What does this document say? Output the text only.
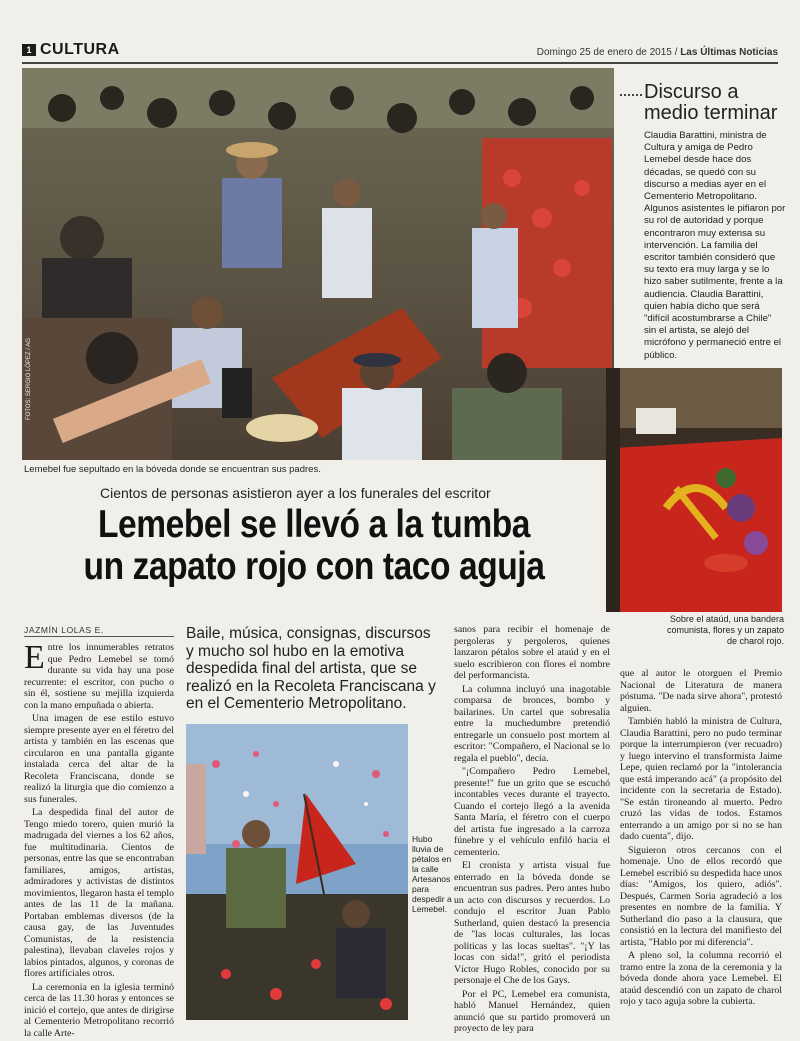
1 CULTURA	Domingo 25 de enero de 2015 / Las Últimas Noticias
FOTOS: SERGIO LÓPEZ / AG
Lemebel fue sepultado en la bóveda donde se encuentran sus padres.
Discurso a medio terminar
Claudia Barattini, ministra de Cultura y amiga de Pedro Lemebel desde hace dos décadas, se quedó con su discurso a medias ayer en el Cementerio Metropolitano. Algunos asistentes le pifiaron por su rol de autoridad y porque encontraron muy extensa su intervención. La familia del escritor también consideró que su texto era muy larga y se lo hizo saber sutilmente, frente a la audiencia. Claudia Barattini, quien había dicho que será "difícil acostumbrarse a Chile" sin el artista, se alejó del micrófono y permaneció entre el público.
Sobre el ataúd, una bandera comunista, flores y un zapato de charol rojo.
Cientos de personas asistieron ayer a los funerales del escritor
Lemebel se llevó a la tumba
un zapato rojo con taco aguja
JAZMÍN LOLAS E.

Entre los innumerables retratos que Pedro Lemebel se tomó durante su vida hay una pose recurrente: el escritor, con pucho o sin él, sostiene su mejilla izquierda con la mano empuñada o abierta.

Una imagen de ese estilo estuvo siempre presente ayer en el féretro del artista y también en las escenas que circularon en una pantalla gigante instalada cerca del altar de la Recoleta Franciscana, donde se realizó la liturgia que dio comienzo a sus funerales.

La despedida final del autor de Tengo miedo torero, quien murió la madrugada del viernes a los 62 años, fue multitudinaria. Cientos de personas, entre las que se encontraban familiares, amigos, artistas, admiradores y activistas de distintos movimientos, llegaron hasta el templo antes de las 11 de la mañana. Portaban emblemas diversos (de la causa gay, de las Juventudes Comunistas, de la resistencia palestina), llevaban claveles rojos y labios pintados, algunos, y coronas de flores artificiales otros.

La ceremonia en la iglesia terminó cerca de las 11.30 horas y entonces se inició el cortejo, que antes de dirigirse al Cementerio Metropolitano recorrió la calle Arte-

Baile, música, consignas, discursos y mucho sol hubo en la emotiva despedida final del artista, que se realizó en la Recoleta Franciscana y en el Cementerio Metropolitano.
Hubo lluvia de pétalos en la calle Artesanos para despedir a Lemebel.

sanos para recibir el homenaje de pergoleras y pergoleros, quienes lanzaron pétalos sobre el ataúd y en el suelo escribieron con flores el nombre del performancista.

La columna incluyó una inagotable comparsa de bronces, bombo y bailarines. Un cartel que sobresalía entre la muchedumbre pretendió entregarle un consuelo post mortem al escritor: "Compañero, el Nacional se lo regala el pueblo", decía.

"¡Compañero Pedro Lemebel, presente!" fue un grito que se escuchó incontables veces durante el trayecto. Cuando el cortejo llegó a la avenida Santa María, el féretro con el cuerpo del artista fue ingresado a la carroza fúnebre y el vehículo enfiló hacia el cementerio.

El cronista y artista visual fue enterrado en la bóveda donde se encuentran sus padres. Pero antes hubo un acto con discursos y recuerdos. Lo condujo el escritor Juan Pablo Sutherland, quien destacó la presencia de "las locas culturales, las locas políticas y las locas sueltas". "¡Y las locas con sida!", gritó el periodista Víctor Hugo Robles, conocido por su personaje el Che de los Gays.

Por el PC, Lemebel era comunista, habló Manuel Hernández, quien anunció que su partido promoverá un proyecto de ley para

que al autor le otorguen el Premio Nacional de Literatura de manera póstuma. "De nada sirve ahora", protestó alguien.

También habló la ministra de Cultura, Claudia Barattini, pero no pudo terminar porque la interrumpieron (ver recuadro) y luego intervino el transformista Jaime Lepe, quien reclamó por la "intolerancia que está imperando acá" (a propósito del incidente con la secretaria de Estado). "Se están tironeando al muerto. Pedro cruzó las vidas de todos. Estamos enterrando a un amigo por si no se han dado cuenta", dijo.

Siguieron otros cercanos con el homenaje. Uno de ellos recordó que Lemebel escribió su despedida hace unos días: "Amigos, los quiero, adiós". Después, Carmen Soria agradeció a los presentes en nombre de la familia. Y Sutherland dio paso a la clausura, que consistió en la lectura del manifiesto del artista, "Hablo por mi diferencia".

A pleno sol, la columna recorrió el tramo entre la zona de la ceremonia y la bóveda donde ahora yace Lemebel. El ataúd descendió con un zapato de charol rojo y taco aguja sobre la cubierta.
